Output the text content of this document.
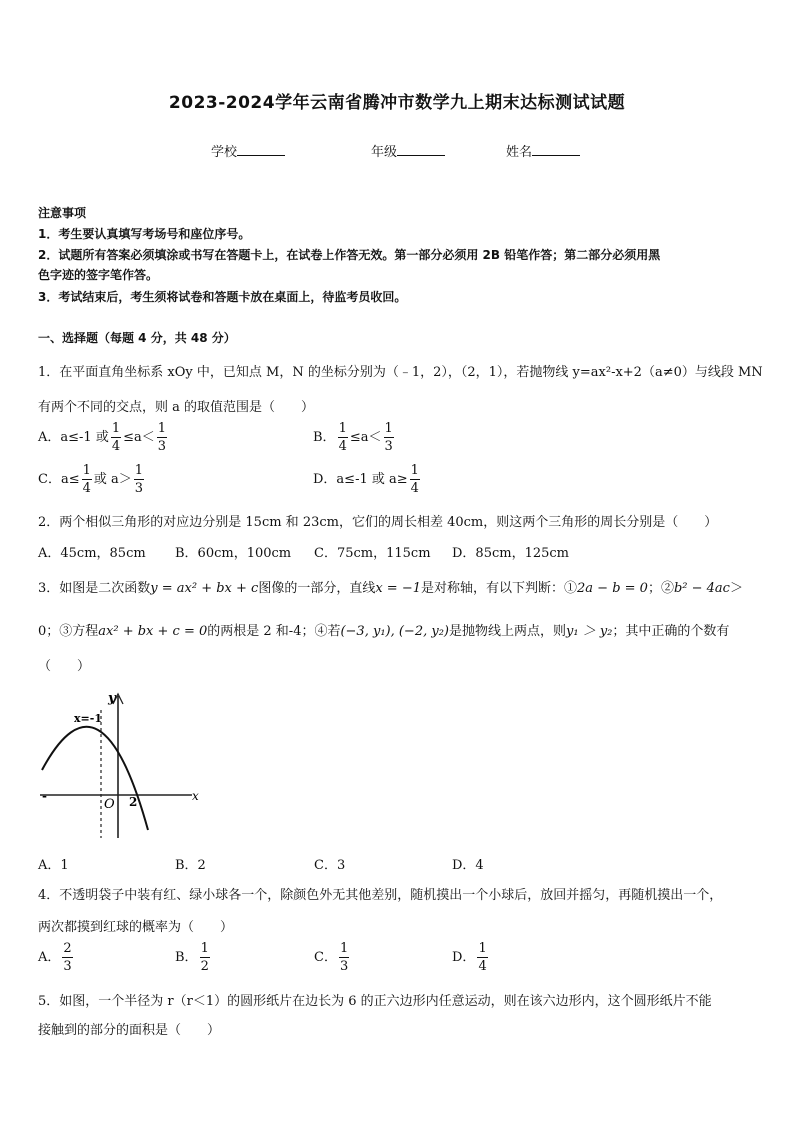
2023-2024学年云南省腾冲市数学九上期末达标测试试题
学校	年级	姓名
注意事项
1．考生要认真填写考场号和座位序号。
2．试题所有答案必须填涂或书写在答题卡上，在试卷上作答无效。第一部分必须用 2B 铅笔作答；第二部分必须用黑
色字迹的签字笔作答。
3．考试结束后，考生须将试卷和答题卡放在桌面上，待监考员收回。
一、选择题（每题 4 分，共 48 分）
1．在平面直角坐标系 xOy 中，已知点 M，N 的坐标分别为（﹣1，2），（2，1），若抛物线 y=ax²-x+2（a≠0）与线段 MN
有两个不同的交点，则 a 的取值范围是（　　）
A．a≤-1 或 $\frac{1}{4} \le a< \frac{1}{3}$	B． $\frac{1}{4} \le a< \frac{1}{3}$
C．$a\le \frac{1}{4}$ 或 $a> \frac{1}{3}$	D．a≤-1 或 $a\ge \frac{1}{4}$
2．两个相似三角形的对应边分别是 15cm 和 23cm，它们的周长相差 40cm，则这两个三角形的周长分别是（　　）
A．45cm，85cm B．60cm，100cm C．75cm，115cm D．85cm，125cm
3．如图是二次函数y = ax² + bx + c图像的一部分，直线x = −1是对称轴，有以下判断：①2a − b = 0；②b² − 4ac＞
0；③方程ax² + bx + c = 0的两根是 2 和-4；④若(−3, y₁), (−2, y₂)是抛物线上两点，则y₁ ＞ y₂；其中正确的个数有
（　　）
y
x
O
x=-1
2
-
A．1	B．2	C．3	D．4
4．不透明袋子中装有红、绿小球各一个，除颜色外无其他差别，随机摸出一个小球后，放回并摇匀，再随机摸出一个，
两次都摸到红球的概率为（　　）
A． $\frac{2}{3}$	B． $\frac{1}{2}$	C． $\frac{1}{3}$	D． $\frac{1}{4}$
5．如图，一个半径为 r（r＜1）的圆形纸片在边长为 6 的正六边形内任意运动，则在该六边形内，这个圆形纸片不能
接触到的部分的面积是（　　）
